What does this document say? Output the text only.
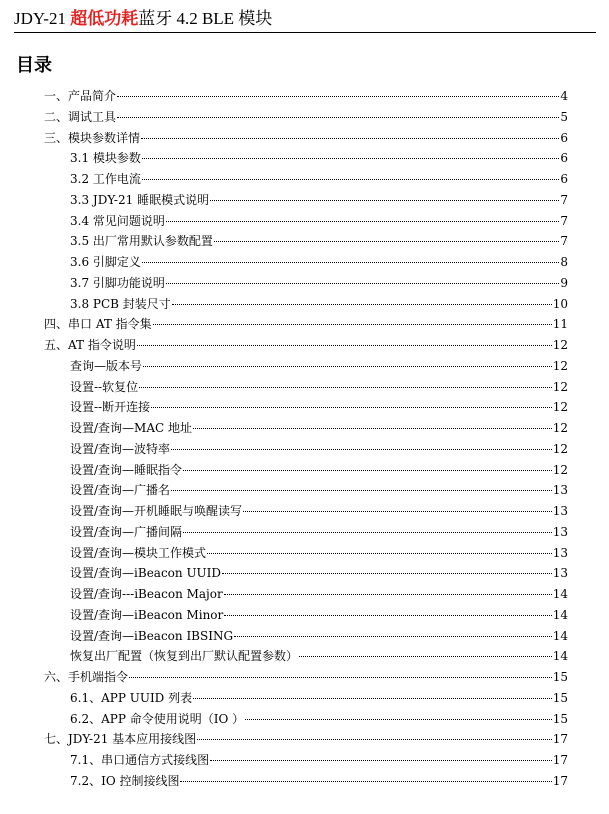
JDY-21 超低功耗蓝牙 4.2 BLE 模块
目录
一、产品简介	4
二、调试工具	5
三、模块参数详情	6
3.1 模块参数	6
3.2 工作电流	6
3.3 JDY-21 睡眠模式说明	7
3.4 常见问题说明	7
3.5 出厂常用默认参数配置	7
3.6 引脚定义	8
3.7 引脚功能说明	9
3.8 PCB 封装尺寸	10
四、串口 AT 指令集	11
五、AT 指令说明	12
查询—版本号	12
设置--软复位	12
设置--断开连接	12
设置/查询—MAC 地址	12
设置/查询—波特率	12
设置/查询—睡眠指令	12
设置/查询—广播名	13
设置/查询—开机睡眠与唤醒读写	13
设置/查询—广播间隔	13
设置/查询—模块工作模式	13
设置/查询—iBeacon UUID	13
设置/查询---iBeacon Major	14
设置/查询—iBeacon Minor	14
设置/查询—iBeacon IBSING	14
恢复出厂配置（恢复到出厂默认配置参数）	14
六、手机端指令	15
6.1、APP UUID 列表	15
6.2、APP 命令使用说明（IO ）	15
七、JDY-21 基本应用接线图	17
7.1、串口通信方式接线图	17
7.2、IO 控制接线图	17
